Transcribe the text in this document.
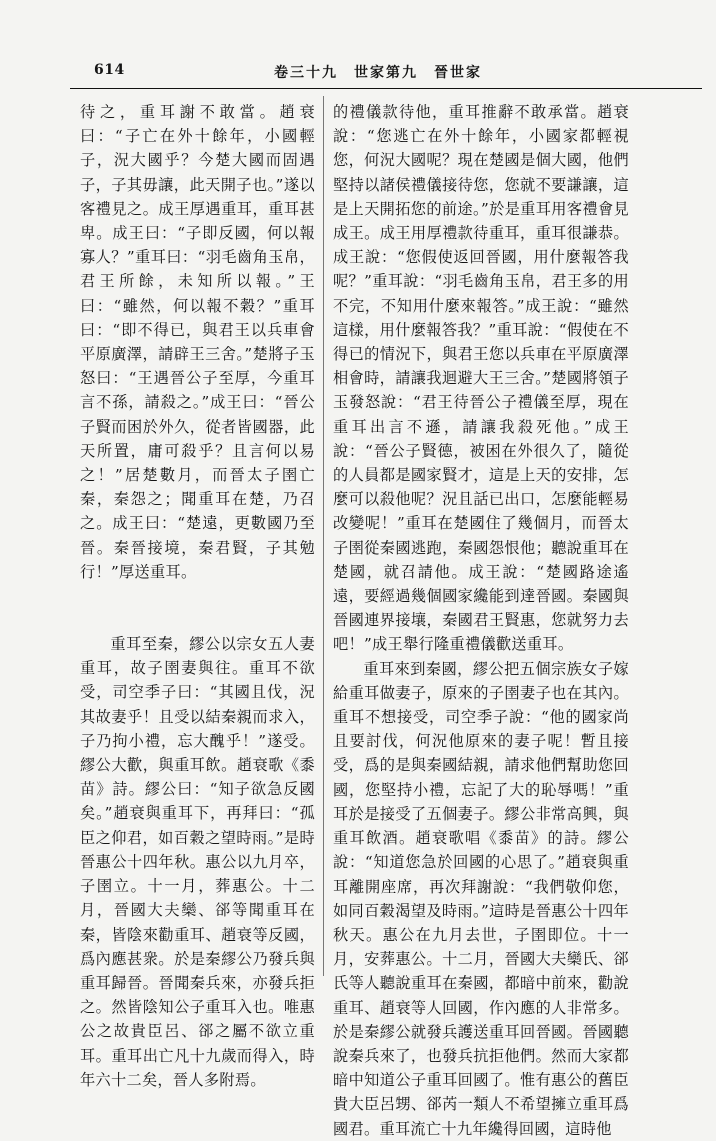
614	卷三十九　世家第九　晉世家

待之，重耳謝不敢當。趙衰曰：“子亡在外十餘年，小國輕子，況大國乎？今楚大國而固遇子，子其毋讓，此天開子也。”遂以客禮見之。成王厚遇重耳，重耳甚卑。成王曰：“子即反國，何以報寡人？”重耳曰：“羽毛齒角玉帛，君王所餘，未知所以報。”王曰：“雖然，何以報不穀？”重耳曰：“即不得已，與君王以兵車會平原廣澤，請辟王三舍。”楚將子玉怒曰：“王遇晉公子至厚，今重耳言不孫，請殺之。”成王曰：“晉公子賢而困於外久，從者皆國器，此天所置，庸可殺乎？且言何以易之！”居楚數月，而晉太子圉亡秦，秦怨之；聞重耳在楚，乃召之。成王曰：“楚遠，更數國乃至晉。秦晉接境，秦君賢，子其勉行！”厚送重耳。

重耳至秦，繆公以宗女五人妻重耳，故子圉妻與往。重耳不欲受，司空季子曰：“其國且伐，況其故妻乎！且受以結秦親而求入，子乃拘小禮，忘大醜乎！”遂受。繆公大歡，與重耳飲。趙衰歌《黍苗》詩。繆公曰：“知子欲急反國矣。”趙衰與重耳下，再拜曰：“孤臣之仰君，如百穀之望時雨。”是時晉惠公十四年秋。惠公以九月卒，子圉立。十一月，葬惠公。十二月，晉國大夫欒、郤等聞重耳在秦，皆陰來勸重耳、趙衰等反國，爲內應甚衆。於是秦繆公乃發兵與重耳歸晉。晉聞秦兵來，亦發兵拒之。然皆陰知公子重耳入也。唯惠公之故貴臣呂、郤之屬不欲立重耳。重耳出亡凡十九歲而得入，時年六十二矣，晉人多附焉。

的禮儀款待他，重耳推辭不敢承當。趙衰說：“您逃亡在外十餘年，小國家都輕視您，何況大國呢？現在楚國是個大國，他們堅持以諸侯禮儀接待您，您就不要謙讓，這是上天開拓您的前途。”於是重耳用客禮會見成王。成王用厚禮款待重耳，重耳很謙恭。成王說：“您假使返回晉國，用什麼報答我呢？”重耳說：“羽毛齒角玉帛，君王多的用不完，不知用什麼來報答。”成王說：“雖然這樣，用什麼報答我？”重耳說：“假使在不得已的情況下，與君王您以兵車在平原廣澤相會時，請讓我迴避大王三舍。”楚國將領子玉發怒說：“君王待晉公子禮儀至厚，現在重耳出言不遜，請讓我殺死他。”成王說：“晉公子賢德，被困在外很久了，隨從的人員都是國家賢才，這是上天的安排，怎麼可以殺他呢？況且話已出口，怎麼能輕易改變呢！”重耳在楚國住了幾個月，而晉太子圉從秦國逃跑，秦國怨恨他；聽說重耳在楚國，就召請他。成王說：“楚國路途遙遠，要經過幾個國家纔能到達晉國。秦國與晉國連界接壤，秦國君王賢惠，您就努力去吧！”成王舉行隆重禮儀歡送重耳。

重耳來到秦國，繆公把五個宗族女子嫁給重耳做妻子，原來的子圉妻子也在其內。重耳不想接受，司空季子說：“他的國家尚且要討伐，何況他原來的妻子呢！暫且接受，爲的是與秦國結親，請求他們幫助您回國，您堅持小禮，忘記了大的恥辱嗎！”重耳於是接受了五個妻子。繆公非常高興，與重耳飲酒。趙衰歌唱《黍苗》的詩。繆公說：“知道您急於回國的心思了。”趙衰與重耳離開座席，再次拜謝說：“我們敬仰您，如同百穀渴望及時雨。”這時是晉惠公十四年秋天。惠公在九月去世，子圉即位。十一月，安葬惠公。十二月，晉國大夫欒氏、郤氏等人聽說重耳在秦國，都暗中前來，勸說重耳、趙衰等人回國，作內應的人非常多。於是秦繆公就發兵護送重耳回晉國。晉國聽說秦兵來了，也發兵抗拒他們。然而大家都暗中知道公子重耳回國了。惟有惠公的舊臣貴大臣呂甥、郤芮一類人不希望擁立重耳爲國君。重耳流亡十九年纔得回國，這時他
